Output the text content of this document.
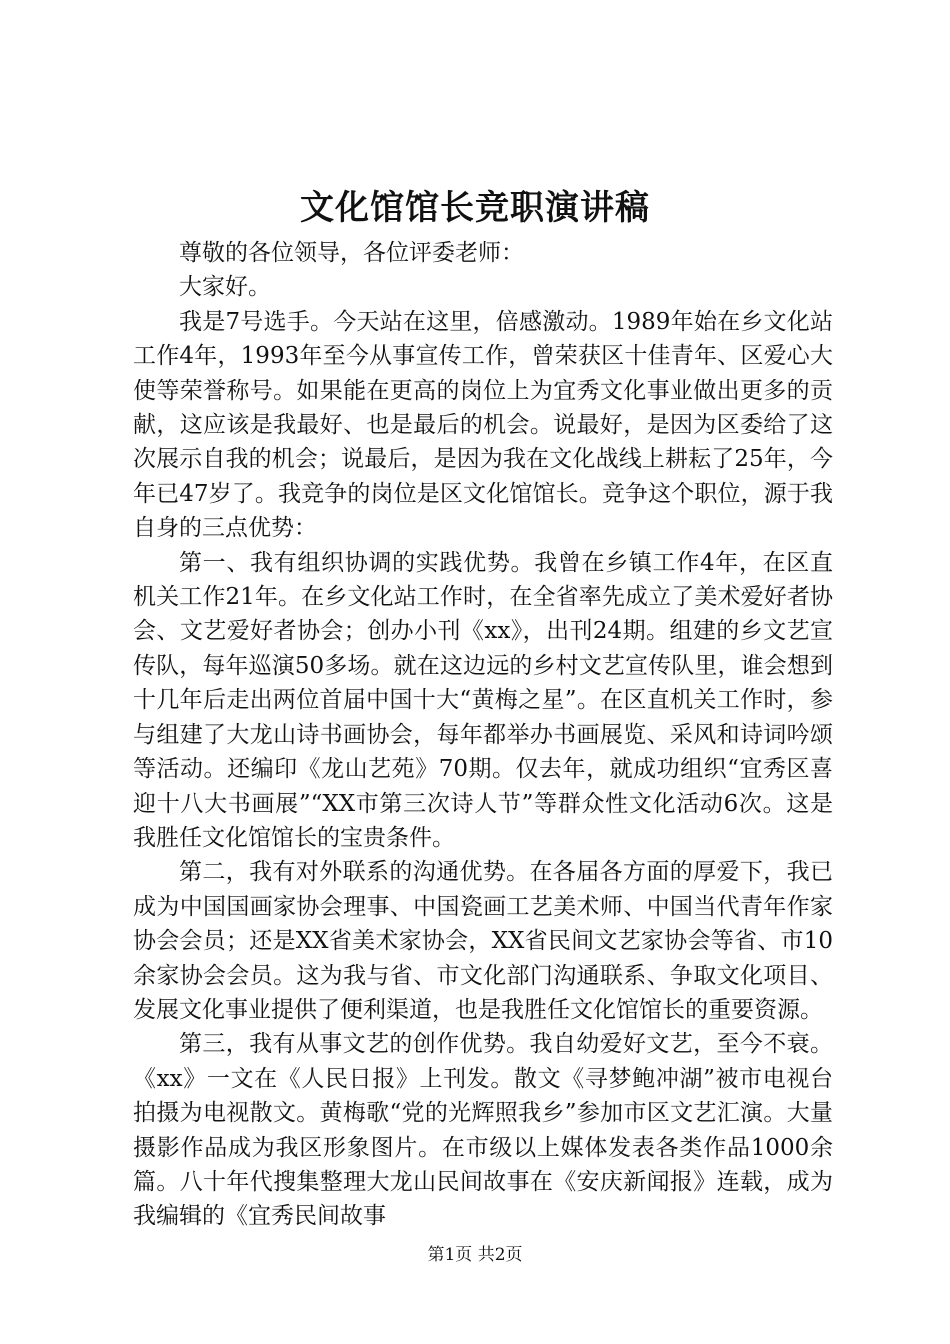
文化馆馆长竞职演讲稿

尊敬的各位领导，各位评委老师：

大家好。

我是7号选手。今天站在这里，倍感激动。1989年始在乡文化站工作4年，1993年至今从事宣传工作，曾荣获区十佳青年、区爱心大使等荣誉称号。如果能在更高的岗位上为宜秀文化事业做出更多的贡献，这应该是我最好、也是最后的机会。说最好，是因为区委给了这次展示自我的机会；说最后，是因为我在文化战线上耕耘了25年，今年已47岁了。我竞争的岗位是区文化馆馆长。竞争这个职位，源于我自身的三点优势：

第一、我有组织协调的实践优势。我曾在乡镇工作4年，在区直机关工作21年。在乡文化站工作时，在全省率先成立了美术爱好者协会、文艺爱好者协会；创办小刊《xx》，出刊24期。组建的乡文艺宣传队，每年巡演50多场。就在这边远的乡村文艺宣传队里，谁会想到十几年后走出两位首届中国十大“黄梅之星”。在区直机关工作时，参与组建了大龙山诗书画协会，每年都举办书画展览、采风和诗词吟颂等活动。还编印《龙山艺苑》70期。仅去年，就成功组织“宜秀区喜迎十八大书画展”“XX市第三次诗人节”等群众性文化活动6次。这是我胜任文化馆馆长的宝贵条件。

第二，我有对外联系的沟通优势。在各届各方面的厚爱下，我已成为中国国画家协会理事、中国瓷画工艺美术师、中国当代青年作家协会会员；还是XX省美术家协会，XX省民间文艺家协会等省、市10余家协会会员。这为我与省、市文化部门沟通联系、争取文化项目、发展文化事业提供了便利渠道，也是我胜任文化馆馆长的重要资源。

第三，我有从事文艺的创作优势。我自幼爱好文艺，至今不衰。《xx》一文在《人民日报》上刊发。散文《寻梦鲍冲湖”被市电视台拍摄为电视散文。黄梅歌“党的光辉照我乡”参加市区文艺汇演。大量摄影作品成为我区形象图片。在市级以上媒体发表各类作品1000余篇。八十年代搜集整理大龙山民间故事在《安庆新闻报》连载，成为我编辑的《宜秀民间故事

第1页 共2页
